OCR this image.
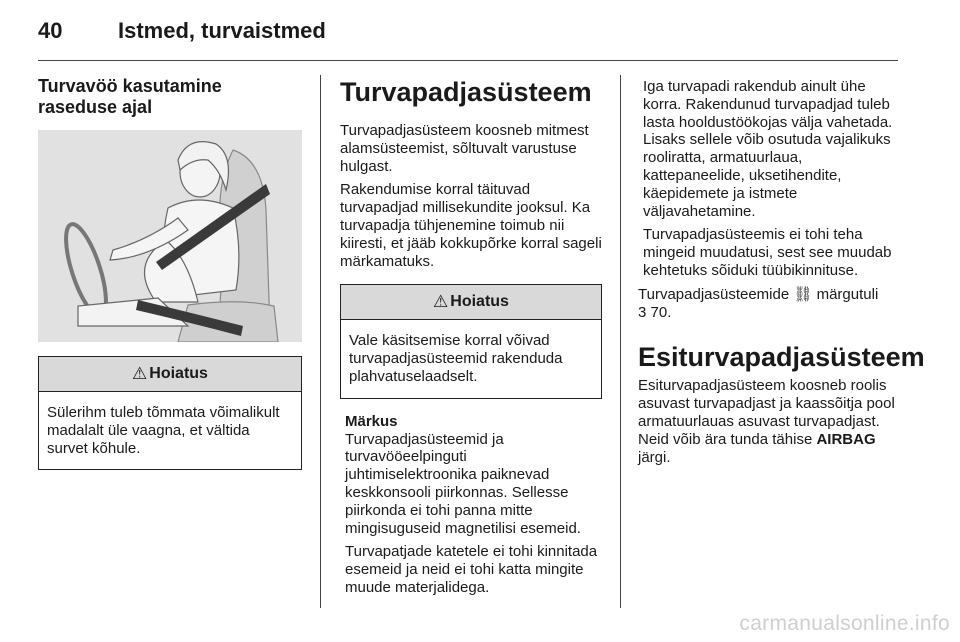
40	Istmed, turvaistmed
Turvavöö kasutamine raseduse ajal
⚠ Hoiatus

Sülerihm tuleb tõmmata võimalikult madalalt üle vaagna, et vältida survet kõhule.

Turvapadjasüsteem

Turvapadjasüsteem koosneb mitmest alamsüsteemist, sõltuvalt varustuse hulgast.

Rakendumise korral täituvad turvapadjad millisekundite jooksul. Ka turvapadja tühjenemine toimub nii kiiresti, et jääb kokkupõrke korral sageli märkamatuks.

⚠ Hoiatus

Vale käsitsemise korral võivad turvapadjasüsteemid rakenduda plahvatuselaadselt.

Märkus

Turvapadjasüsteemid ja turvavööeelpinguti juhtimiselektroonika paiknevad keskkonsooli piirkonnas. Sellesse piirkonda ei tohi panna mitte mingisuguseid magnetilisi esemeid.

Turvapatjade katetele ei tohi kinnitada esemeid ja neid ei tohi katta mingite muude materjalidega.

Iga turvapadi rakendub ainult ühe korra. Rakendunud turvapadjad tuleb lasta hooldustöökojas välja vahetada. Lisaks sellele võib osutuda vajalikuks rooliratta, armatuurlaua, kattepaneelide, uksetihendite, käepidemete ja istmete väljavahetamine.

Turvapadjasüsteemis ei tohi teha mingeid muudatusi, sest see muudab kehtetuks sõiduki tüübikinnituse.

Turvapadjasüsteemide ⛓ märgutuli
3 70.

Esiturvapadjasüsteem

Esiturvapadjasüsteem koosneb roolis asuvast turvapadjast ja kaassõitja pool armatuurlauas asuvast turvapadjast. Neid võib ära tunda tähise AIRBAG järgi.

carmanualsonline.info
